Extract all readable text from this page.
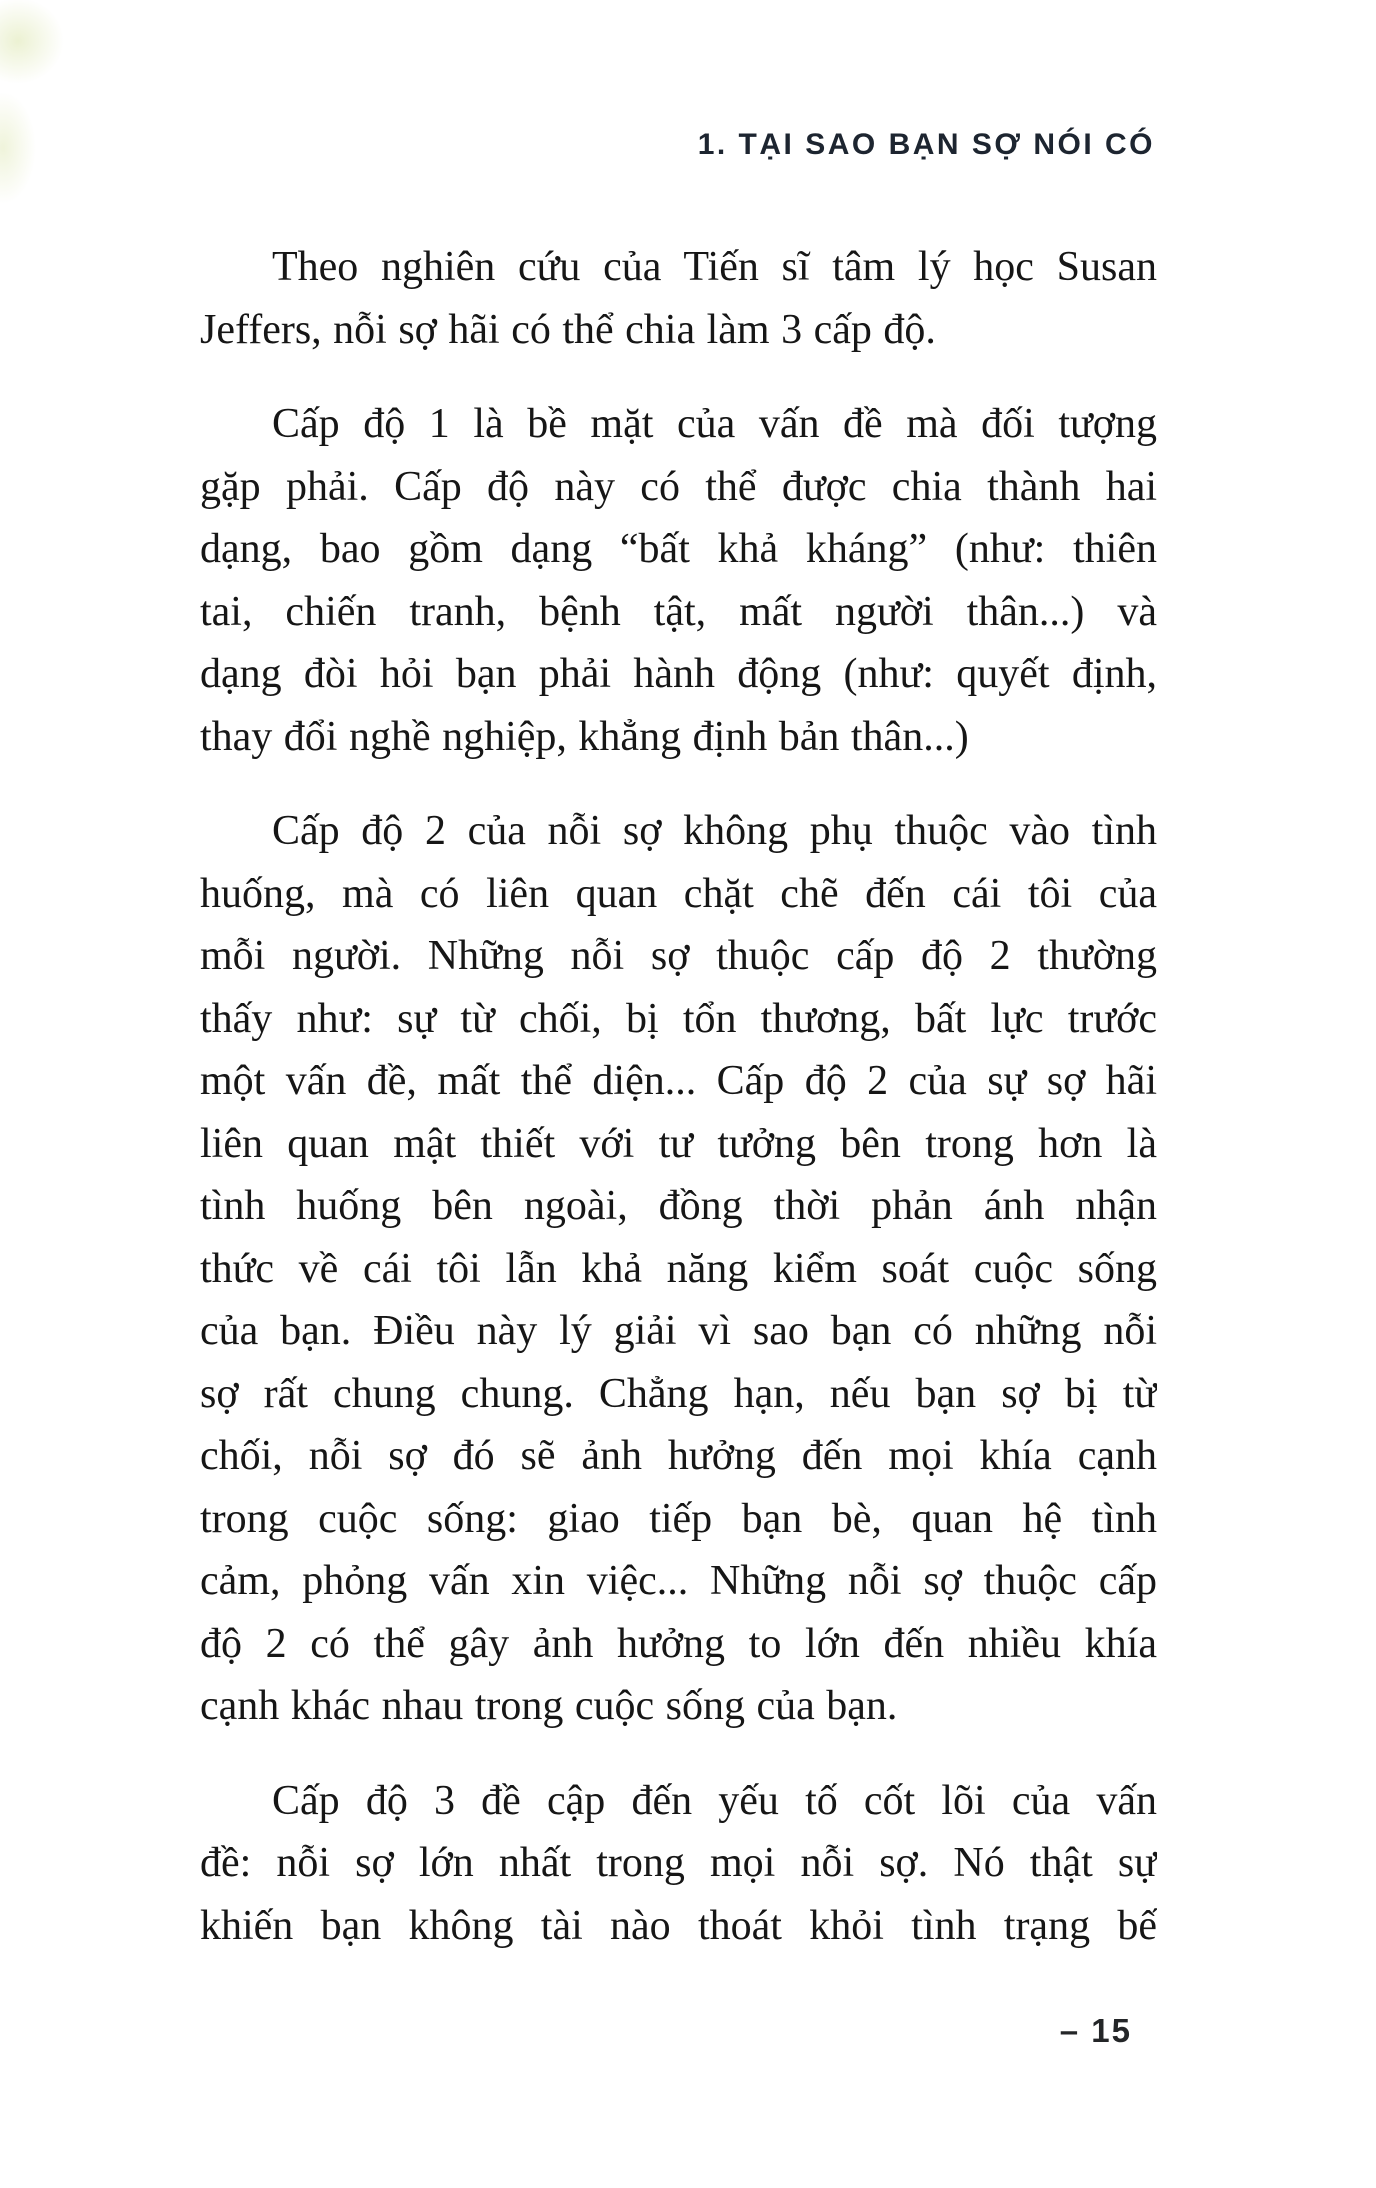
1. TẠI SAO BẠN SỢ NÓI CÓ
Theo nghiên cứu của Tiến sĩ tâm lý học Susan
Jeffers, nỗi sợ hãi có thể chia làm 3 cấp độ.
Cấp độ 1 là bề mặt của vấn đề mà đối tượng
gặp phải. Cấp độ này có thể được chia thành hai
dạng, bao gồm dạng “bất khả kháng” (như: thiên
tai, chiến tranh, bệnh tật, mất người thân...) và
dạng đòi hỏi bạn phải hành động (như: quyết định,
thay đổi nghề nghiệp, khẳng định bản thân...)
Cấp độ 2 của nỗi sợ không phụ thuộc vào tình
huống, mà có liên quan chặt chẽ đến cái tôi của
mỗi người. Những nỗi sợ thuộc cấp độ 2 thường
thấy như: sự từ chối, bị tổn thương, bất lực trước
một vấn đề, mất thể diện... Cấp độ 2 của sự sợ hãi
liên quan mật thiết với tư tưởng bên trong hơn là
tình huống bên ngoài, đồng thời phản ánh nhận
thức về cái tôi lẫn khả năng kiểm soát cuộc sống
của bạn. Điều này lý giải vì sao bạn có những nỗi
sợ rất chung chung. Chẳng hạn, nếu bạn sợ bị từ
chối, nỗi sợ đó sẽ ảnh hưởng đến mọi khía cạnh
trong cuộc sống: giao tiếp bạn bè, quan hệ tình
cảm, phỏng vấn xin việc... Những nỗi sợ thuộc cấp
độ 2 có thể gây ảnh hưởng to lớn đến nhiều khía
cạnh khác nhau trong cuộc sống của bạn.
Cấp độ 3 đề cập đến yếu tố cốt lõi của vấn
đề: nỗi sợ lớn nhất trong mọi nỗi sợ. Nó thật sự
khiến bạn không tài nào thoát khỏi tình trạng bế
– 15
